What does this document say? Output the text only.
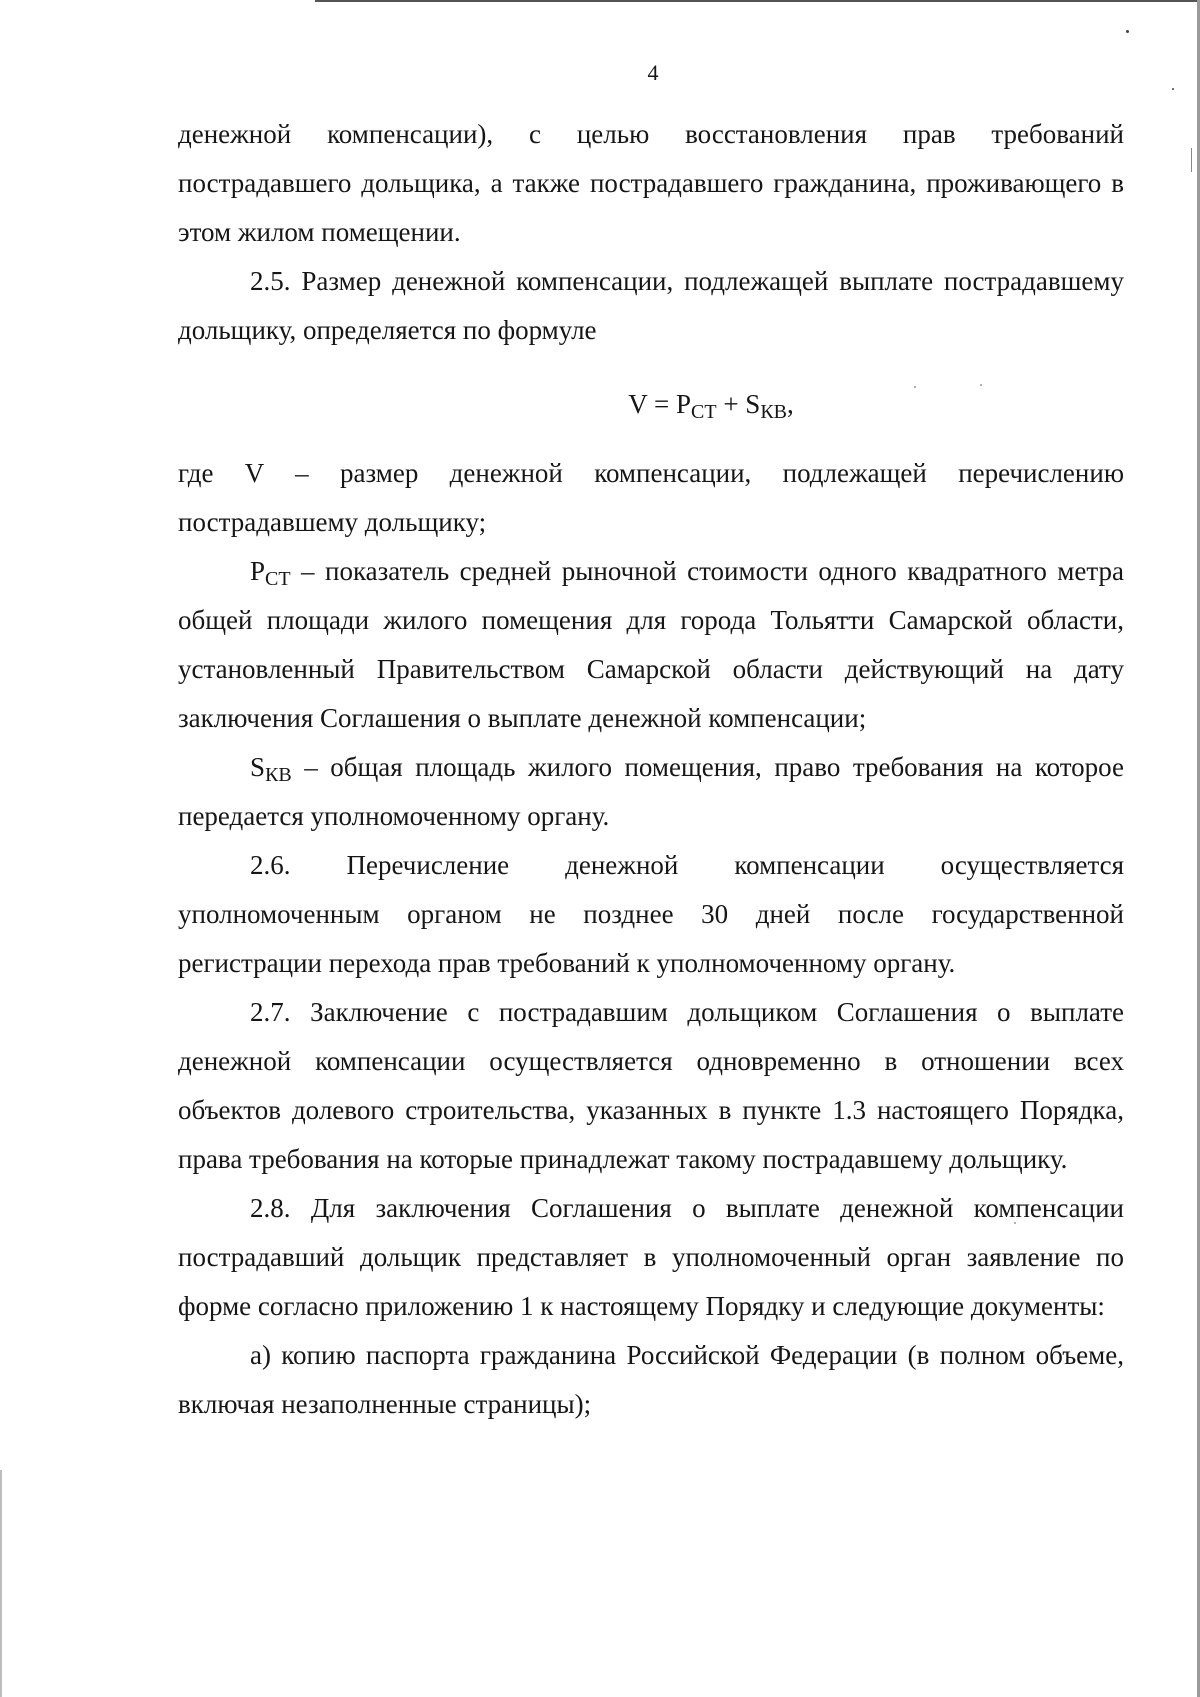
4

денежной компенсации), с целью восстановления прав требований пострадавшего дольщика, а также пострадавшего гражданина, проживающего в этом жилом помещении.

2.5. Размер денежной компенсации, подлежащей выплате пострадавшему дольщику, определяется по формуле

$V = P_{СТ} + S_{КВ}$,

где V – размер денежной компенсации, подлежащей перечислению пострадавшему дольщику;

$P_{СТ}$ – показатель средней рыночной стоимости одного квадратного метра общей площади жилого помещения для города Тольятти Самарской области, установленный Правительством Самарской области действующий на дату заключения Соглашения о выплате денежной компенсации;

$S_{КВ}$ – общая площадь жилого помещения, право требования на которое передается уполномоченному органу.

2.6. Перечисление денежной компенсации осуществляется уполномоченным органом не позднее 30 дней после государственной регистрации перехода прав требований к уполномоченному органу.

2.7. Заключение с пострадавшим дольщиком Соглашения о выплате денежной компенсации осуществляется одновременно в отношении всех объектов долевого строительства, указанных в пункте 1.3 настоящего Порядка, права требования на которые принадлежат такому пострадавшему дольщику.

2.8. Для заключения Соглашения о выплате денежной компенсации пострадавший дольщик представляет в уполномоченный орган заявление по форме согласно приложению 1 к настоящему Порядку и следующие документы:

а) копию паспорта гражданина Российской Федерации (в полном объеме, включая незаполненные страницы);
